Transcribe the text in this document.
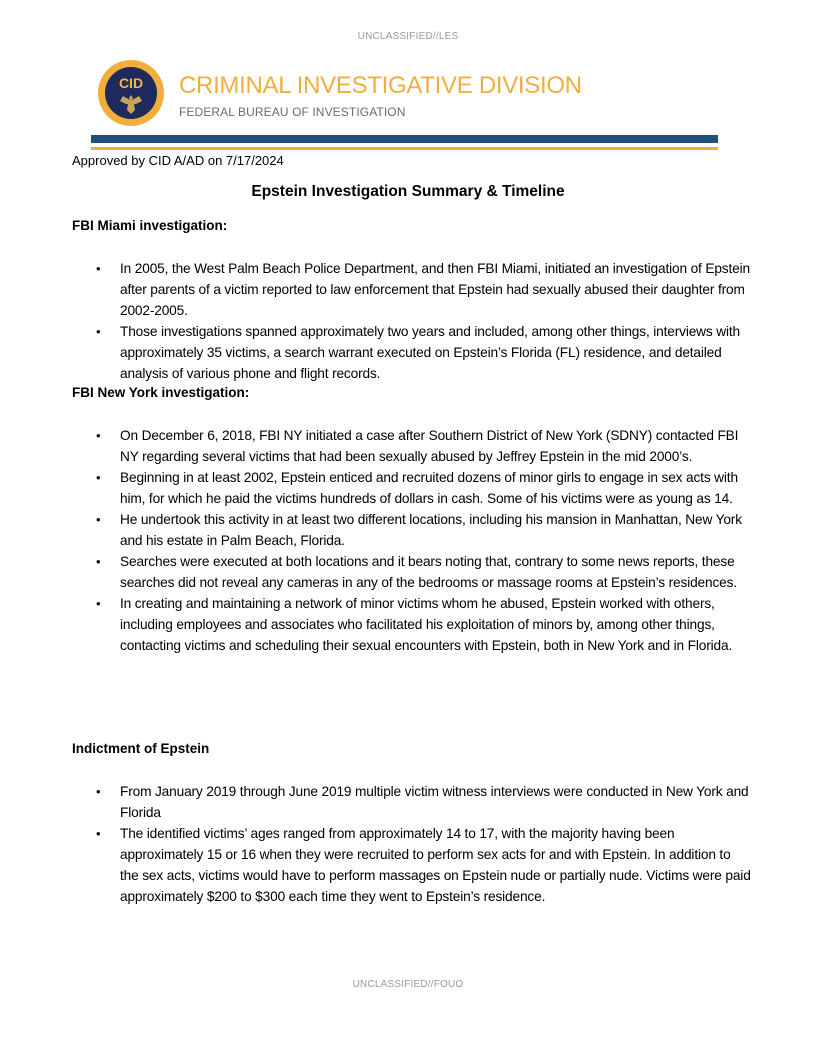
UNCLASSIFIED//LES
CID	CRIMINAL INVESTIGATIVE DIVISION
FEDERAL BUREAU OF INVESTIGATION
Approved by CID A/AD on 7/17/2024
Epstein Investigation Summary & Timeline
FBI Miami investigation:
• In 2005, the West Palm Beach Police Department, and then FBI Miami, initiated an investigation of Epstein after parents of a victim reported to law enforcement that Epstein had sexually abused their daughter from 2002-2005.
• Those investigations spanned approximately two years and included, among other things, interviews with approximately 35 victims, a search warrant executed on Epstein’s Florida (FL) residence, and detailed analysis of various phone and flight records.
FBI New York investigation:
• On December 6, 2018, FBI NY initiated a case after Southern District of New York (SDNY) contacted FBI NY regarding several victims that had been sexually abused by Jeffrey Epstein in the mid 2000’s.
• Beginning in at least 2002, Epstein enticed and recruited dozens of minor girls to engage in sex acts with him, for which he paid the victims hundreds of dollars in cash. Some of his victims were as young as 14.
• He undertook this activity in at least two different locations, including his mansion in Manhattan, New York and his estate in Palm Beach, Florida.
• Searches were executed at both locations and it bears noting that, contrary to some news reports, these searches did not reveal any cameras in any of the bedrooms or massage rooms at Epstein’s residences.
• In creating and maintaining a network of minor victims whom he abused, Epstein worked with others, including employees and associates who facilitated his exploitation of minors by, among other things, contacting victims and scheduling their sexual encounters with Epstein, both in New York and in Florida.
Indictment of Epstein
• From January 2019 through June 2019 multiple victim witness interviews were conducted in New York and Florida
• The identified victims’ ages ranged from approximately 14 to 17, with the majority having been approximately 15 or 16 when they were recruited to perform sex acts for and with Epstein. In addition to the sex acts, victims would have to perform massages on Epstein nude or partially nude. Victims were paid approximately $200 to $300 each time they went to Epstein’s residence.
UNCLASSIFIED//FOUO
